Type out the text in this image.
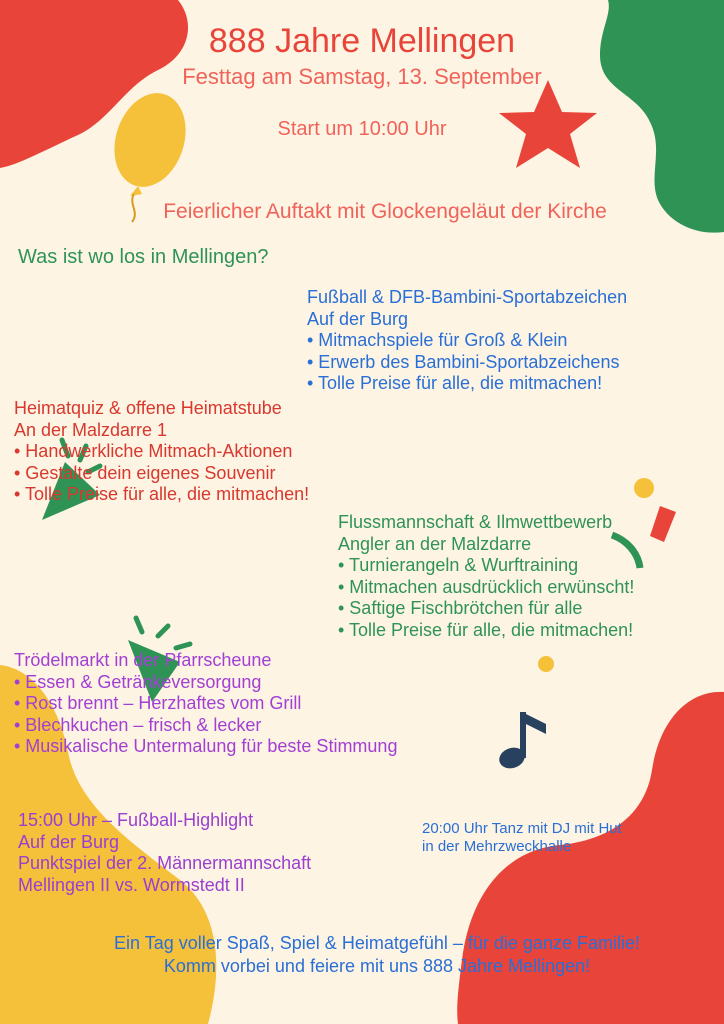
888 Jahre Mellingen
Festtag am Samstag, 13. September
Start um 10:00 Uhr
Feierlicher Auftakt mit Glockengeläut der Kirche
Was ist wo los in Mellingen?
Fußball & DFB-Bambini-Sportabzeichen
Auf der Burg
• Mitmachspiele für Groß & Klein
• Erwerb des Bambini-Sportabzeichens
• Tolle Preise für alle, die mitmachen!
Heimatquiz & offene Heimatstube
An der Malzdarre 1
• Handwerkliche Mitmach-Aktionen
• Gestalte dein eigenes Souvenir
• Tolle Preise für alle, die mitmachen!
Flussmannschaft & Ilmwettbewerb
Angler an der Malzdarre
• Turnierangeln & Wurftraining
• Mitmachen ausdrücklich erwünscht!
• Saftige Fischbrötchen für alle
• Tolle Preise für alle, die mitmachen!
Trödelmarkt in der Pfarrscheune
• Essen & Getränkeversorgung
• Rost brennt – Herzhaftes vom Grill
• Blechkuchen – frisch & lecker
• Musikalische Untermalung für beste Stimmung
15:00 Uhr – Fußball-Highlight
Auf der Burg
Punktspiel der 2. Männermannschaft
Mellingen II vs. Wormstedt II
20:00 Uhr Tanz mit DJ mit Hut
in der Mehrzweckhalle
Ein Tag voller Spaß, Spiel & Heimatgefühl – für die ganze Familie!
Komm vorbei und feiere mit uns 888 Jahre Mellingen!
